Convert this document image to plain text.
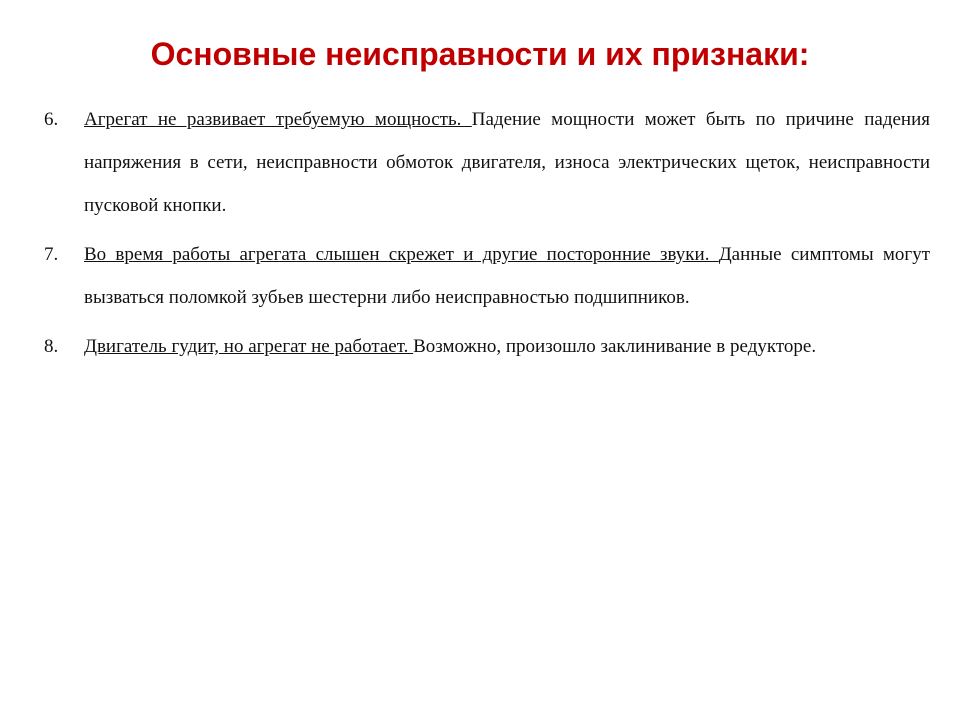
Основные неисправности и их признаки:
6. Агрегат не развивает требуемую мощность. Падение мощности может быть по причине падения напряжения в сети, неисправности обмоток двигателя, износа электрических щеток, неисправности пусковой кнопки.
7. Во время работы агрегата слышен скрежет и другие посторонние звуки. Данные симптомы могут вызваться поломкой зубьев шестерни либо неисправностью подшипников.
8. Двигатель гудит, но агрегат не работает. Возможно, произошло заклинивание в редукторе.
